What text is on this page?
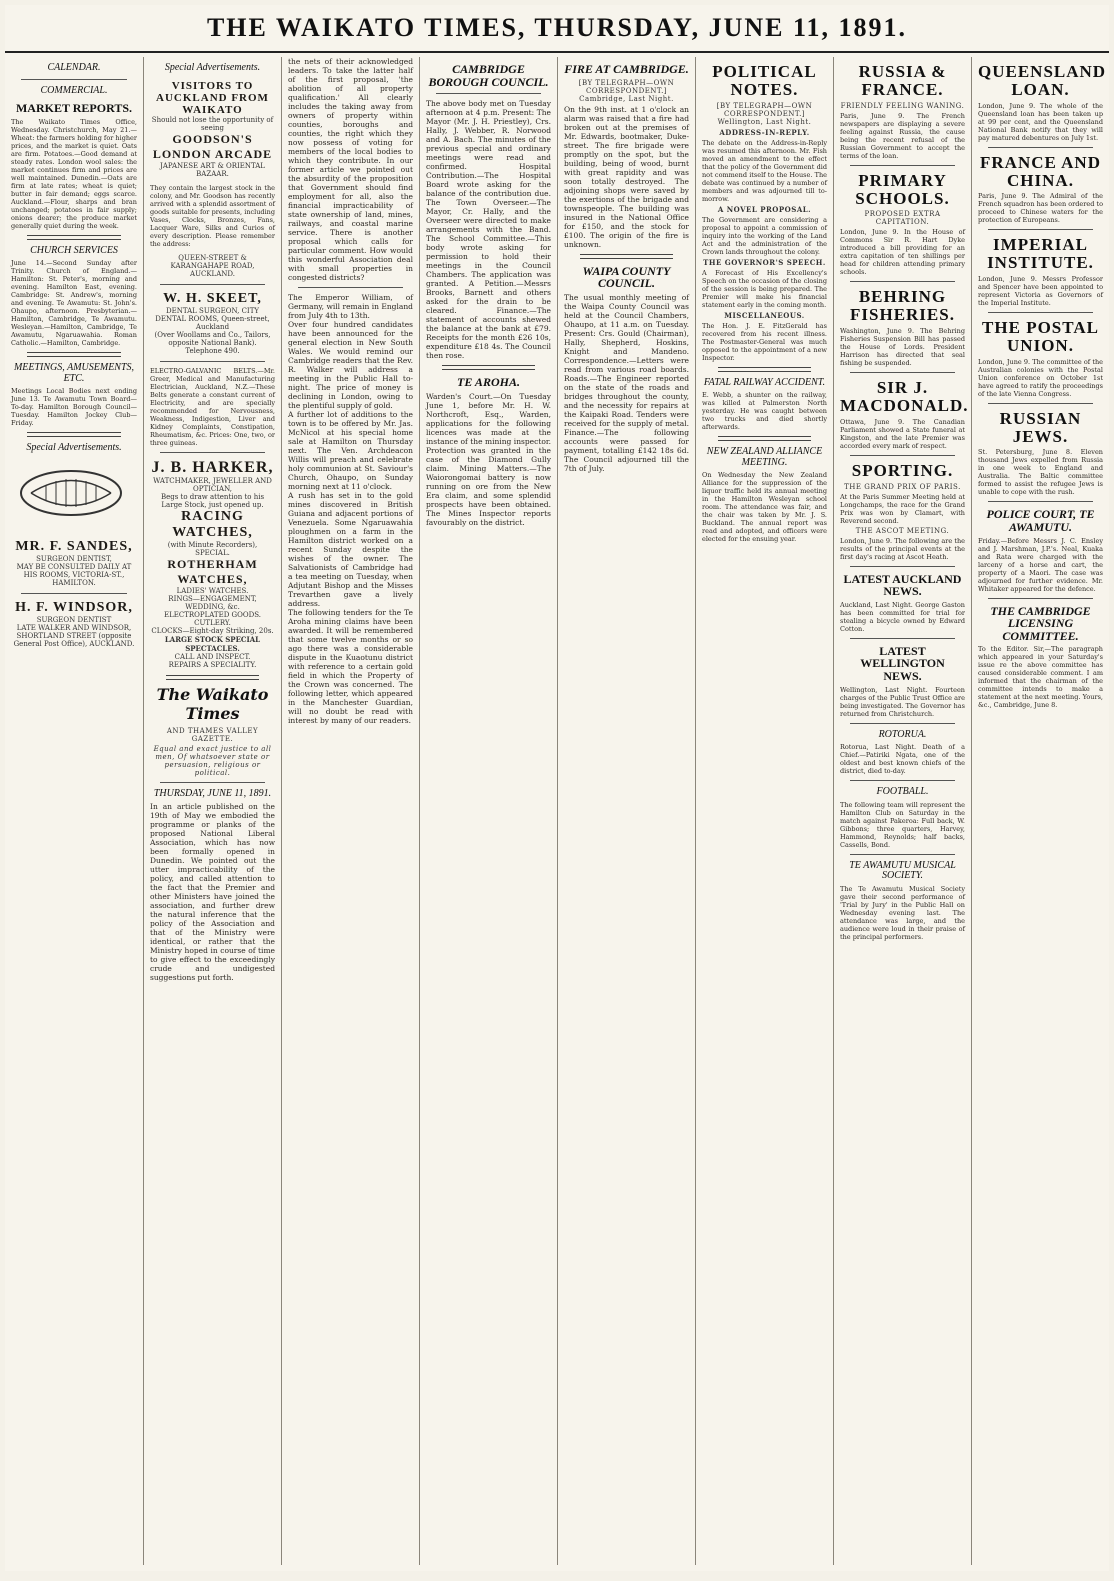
THE WAIKATO TIMES, THURSDAY, JUNE 11, 1891.
CALENDAR.
COMMERCIAL.
MARKET REPORTS.
The Waikato Times Office, Wednesday. Christchurch, May 21.—Wheat: the farmers holding for higher prices, and the market is quiet. Oats are firm. Potatoes.—Good demand at steady rates. London wool sales: the market continues firm and prices are well maintained. Dunedin.—Oats are firm at late rates; wheat is quiet; butter in fair demand; eggs scarce. Auckland.—Flour, sharps and bran unchanged; potatoes in fair supply; onions dearer; the produce market generally quiet during the week.
CHURCH SERVICES
June 14.—Second Sunday after Trinity. Church of England.—Hamilton: St. Peter's, morning and evening. Hamilton East, evening. Cambridge: St. Andrew's, morning and evening. Te Awamutu: St. John's. Ohaupo, afternoon. Presbyterian.—Hamilton, Cambridge, Te Awamutu. Wesleyan.—Hamilton, Cambridge, Te Awamutu, Ngaruawahia. Roman Catholic.—Hamilton, Cambridge.
MEETINGS, AMUSEMENTS, ETC.
Meetings Local Bodies next ending June 13. Te Awamutu Town Board—To-day. Hamilton Borough Council—Tuesday. Hamilton Jockey Club—Friday.
Special Advertisements.
MR. F. SANDES,
SURGEON DENTIST,
MAY BE CONSULTED DAILY AT HIS ROOMS, VICTORIA-ST., HAMILTON.
H. F. WINDSOR,
SURGEON DENTIST
LATE WALKER AND WINDSOR, SHORTLAND STREET (opposite General Post Office), AUCKLAND.
Special Advertisements.
VISITORS TO AUCKLAND FROM WAIKATO
Should not lose the opportunity of seeing
GOODSON'S LONDON ARCADE
JAPANESE ART & ORIENTAL BAZAAR.
They contain the largest stock in the colony, and Mr. Goodson has recently arrived with a splendid assortment of goods suitable for presents, including Vases, Clocks, Bronzes, Fans, Lacquer Ware, Silks and Curios of every description. Please remember the address:
QUEEN-STREET & KARANGAHAPE ROAD, AUCKLAND.
W. H. SKEET,
DENTAL SURGEON, CITY DENTAL ROOMS, Queen-street, Auckland
(Over Woollams and Co., Tailors, opposite National Bank). Telephone 490.
ELECTRO-GALVANIC BELTS.—Mr. Greer, Medical and Manufacturing Electrician, Auckland, N.Z.—These Belts generate a constant current of Electricity, and are specially recommended for Nervousness, Weakness, Indigestion, Liver and Kidney Complaints, Constipation, Rheumatism, &c. Prices: One, two, or three guineas.
J. B. HARKER,
WATCHMAKER, JEWELLER AND OPTICIAN,
Begs to draw attention to his Large Stock, just opened up.
RACING WATCHES,
(with Minute Recorders), SPECIAL.
ROTHERHAM WATCHES,
LADIES' WATCHES.
RINGS—ENGAGEMENT, WEDDING, &c.
ELECTROPLATED GOODS. CUTLERY.
CLOCKS—Eight-day Striking, 20s.
LARGE STOCK SPECIAL SPECTACLES.
CALL AND INSPECT.
REPAIRS A SPECIALITY.
The Waikato Times
AND THAMES VALLEY GAZETTE.
Equal and exact justice to all men, Of whatsoever state or persuasion, religious or political.
THURSDAY, JUNE 11, 1891.
In an article published on the 19th of May we embodied the programme or planks of the proposed National Liberal Association, which has now been formally opened in Dunedin. We pointed out the utter impracticability of the policy, and called attention to the fact that the Premier and other Ministers have joined the association, and further drew the natural inference that the policy of the Association and that of the Ministry were identical, or rather that the Ministry hoped in course of time to give effect to the exceedingly crude and undigested suggestions put forth.
the nets of their acknowledged leaders. To take the latter half of the first proposal, 'the abolition of all property qualification.' All clearly includes the taking away from owners of property within counties, boroughs and counties, the right which they now possess of voting for members of the local bodies to which they contribute. In our former article we pointed out the absurdity of the proposition that Government should find employment for all, also the financial impracticability of state ownership of land, mines, railways, and coastal marine service. There is another proposal which calls for particular comment. How would this wonderful Association deal with small properties in congested districts?
The Emperor William, of Germany, will remain in England from July 4th to 13th.
Over four hundred candidates have been announced for the general election in New South Wales. We would remind our Cambridge readers that the Rev. R. Walker will address a meeting in the Public Hall to-night. The price of money is declining in London, owing to the plentiful supply of gold.
A further lot of additions to the town is to be offered by Mr. Jas. McNicol at his special home sale at Hamilton on Thursday next. The Ven. Archdeacon Willis will preach and celebrate holy communion at St. Saviour's Church, Ohaupo, on Sunday morning next at 11 o'clock.
A rush has set in to the gold mines discovered in British Guiana and adjacent portions of Venezuela. Some Ngaruawahia ploughmen on a farm in the Hamilton district worked on a recent Sunday despite the wishes of the owner. The Salvationists of Cambridge had a tea meeting on Tuesday, when Adjutant Bishop and the Misses Trevarthen gave a lively address.
The following tenders for the Te Aroha mining claims have been awarded. It will be remembered that some twelve months or so ago there was a considerable dispute in the Kuaotunu district with reference to a certain gold field in which the Property of the Crown was concerned. The following letter, which appeared in the Manchester Guardian, will no doubt be read with interest by many of our readers.
CAMBRIDGE BOROUGH COUNCIL.
The above body met on Tuesday afternoon at 4 p.m. Present: The Mayor (Mr. J. H. Priestley), Crs. Hally, J. Webber, R. Norwood and A. Bach. The minutes of the previous special and ordinary meetings were read and confirmed. Hospital Contribution.—The Hospital Board wrote asking for the balance of the contribution due. The Town Overseer.—The Mayor, Cr. Hally, and the Overseer were directed to make arrangements with the Band. The School Committee.—This body wrote asking for permission to hold their meetings in the Council Chambers. The application was granted. A Petition.—Messrs Brooks, Barnett and others asked for the drain to be cleared. Finance.—The statement of accounts shewed the balance at the bank at £79. Receipts for the month £26 10s, expenditure £18 4s. The Council then rose.
TE AROHA.
Warden's Court.—On Tuesday June 1, before Mr. H. W. Northcroft, Esq., Warden, applications for the following licences was made at the instance of the mining inspector. Protection was granted in the case of the Diamond Gully claim. Mining Matters.—The Waiorongomai battery is now running on ore from the New Era claim, and some splendid prospects have been obtained. The Mines Inspector reports favourably on the district.
FIRE AT CAMBRIDGE.
[BY TELEGRAPH—OWN CORRESPONDENT.] Cambridge, Last Night.
On the 9th inst. at 1 o'clock an alarm was raised that a fire had broken out at the premises of Mr. Edwards, bootmaker, Duke-street. The fire brigade were promptly on the spot, but the building, being of wood, burnt with great rapidity and was soon totally destroyed. The adjoining shops were saved by the exertions of the brigade and townspeople. The building was insured in the National Office for £150, and the stock for £100. The origin of the fire is unknown.
WAIPA COUNTY COUNCIL.
The usual monthly meeting of the Waipa County Council was held at the Council Chambers, Ohaupo, at 11 a.m. on Tuesday. Present: Crs. Gould (Chairman), Hally, Shepherd, Hoskins, Knight and Mandeno. Correspondence.—Letters were read from various road boards. Roads.—The Engineer reported on the state of the roads and bridges throughout the county, and the necessity for repairs at the Kaipaki Road. Tenders were received for the supply of metal. Finance.—The following accounts were passed for payment, totalling £142 18s 6d. The Council adjourned till the 7th of July.
POLITICAL NOTES.
[BY TELEGRAPH—OWN CORRESPONDENT.] Wellington, Last Night.
ADDRESS-IN-REPLY.
The debate on the Address-in-Reply was resumed this afternoon. Mr. Fish moved an amendment to the effect that the policy of the Government did not commend itself to the House. The debate was continued by a number of members and was adjourned till to-morrow.
A NOVEL PROPOSAL.
The Government are considering a proposal to appoint a commission of inquiry into the working of the Land Act and the administration of the Crown lands throughout the colony.
THE GOVERNOR'S SPEECH.
A Forecast of His Excellency's Speech on the occasion of the closing of the session is being prepared. The Premier will make his financial statement early in the coming month.
MISCELLANEOUS.
The Hon. J. E. FitzGerald has recovered from his recent illness. The Postmaster-General was much opposed to the appointment of a new Inspector.
FATAL RAILWAY ACCIDENT.
E. Webb, a shunter on the railway, was killed at Palmerston North yesterday. He was caught between two trucks and died shortly afterwards.
NEW ZEALAND ALLIANCE MEETING.
On Wednesday the New Zealand Alliance for the suppression of the liquor traffic held its annual meeting in the Hamilton Wesleyan school room. The attendance was fair, and the chair was taken by Mr. J. S. Buckland. The annual report was read and adopted, and officers were elected for the ensuing year.
RUSSIA & FRANCE.
FRIENDLY FEELING WANING.
Paris, June 9. The French newspapers are displaying a severe feeling against Russia, the cause being the recent refusal of the Russian Government to accept the terms of the loan.
PRIMARY SCHOOLS.
PROPOSED EXTRA CAPITATION.
London, June 9. In the House of Commons Sir R. Hart Dyke introduced a bill providing for an extra capitation of ten shillings per head for children attending primary schools.
BEHRING FISHERIES.
Washington, June 9. The Behring Fisheries Suspension Bill has passed the House of Lords. President Harrison has directed that seal fishing be suspended.
SIR J. MACDONALD.
Ottawa, June 9. The Canadian Parliament showed a State funeral at Kingston, and the late Premier was accorded every mark of respect.
SPORTING.
THE GRAND PRIX OF PARIS.
At the Paris Summer Meeting held at Longchamps, the race for the Grand Prix was won by Clamart, with Reverend second.
THE ASCOT MEETING.
London, June 9. The following are the results of the principal events at the first day's racing at Ascot Heath.
LATEST AUCKLAND NEWS.
Auckland, Last Night. George Gaston has been committed for trial for stealing a bicycle owned by Edward Cotton.
LATEST WELLINGTON NEWS.
Wellington, Last Night. Fourteen charges of the Public Trust Office are being investigated. The Governor has returned from Christchurch.
ROTORUA.
Rotorua, Last Night. Death of a Chief.—Patiriki Ngata, one of the oldest and best known chiefs of the district, died to-day.
FOOTBALL.
The following team will represent the Hamilton Club on Saturday in the match against Pakeroa: Full back, W. Gibbons; three quarters, Harvey, Hammond, Reynolds; half backs, Cassells, Bond.
TE AWAMUTU MUSICAL SOCIETY.
The Te Awamutu Musical Society gave their second performance of 'Trial by Jury' in the Public Hall on Wednesday evening last. The attendance was large, and the audience were loud in their praise of the principal performers.
QUEENSLAND LOAN.
London, June 9. The whole of the Queensland loan has been taken up at 99 per cent, and the Queensland National Bank notify that they will pay matured debentures on July 1st.
FRANCE AND CHINA.
Paris, June 9. The Admiral of the French squadron has been ordered to proceed to Chinese waters for the protection of Europeans.
IMPERIAL INSTITUTE.
London, June 9. Messrs Professor and Spencer have been appointed to represent Victoria as Governors of the Imperial Institute.
THE POSTAL UNION.
London, June 9. The committee of the Australian colonies with the Postal Union conference on October 1st have agreed to ratify the proceedings of the late Vienna Congress.
RUSSIAN JEWS.
St. Petersburg, June 8. Eleven thousand Jews expelled from Russia in one week to England and Australia. The Baltic committee formed to assist the refugee Jews is unable to cope with the rush.
POLICE COURT, TE AWAMUTU.
Friday.—Before Messrs J. C. Ensley and J. Marshman, J.P.'s. Neal, Kuaka and Rata were charged with the larceny of a horse and cart, the property of a Maori. The case was adjourned for further evidence. Mr. Whitaker appeared for the defence.
THE CAMBRIDGE LICENSING COMMITTEE.
To the Editor. Sir,—The paragraph which appeared in your Saturday's issue re the above committee has caused considerable comment. I am informed that the chairman of the committee intends to make a statement at the next meeting. Yours, &c., Cambridge, June 8.
